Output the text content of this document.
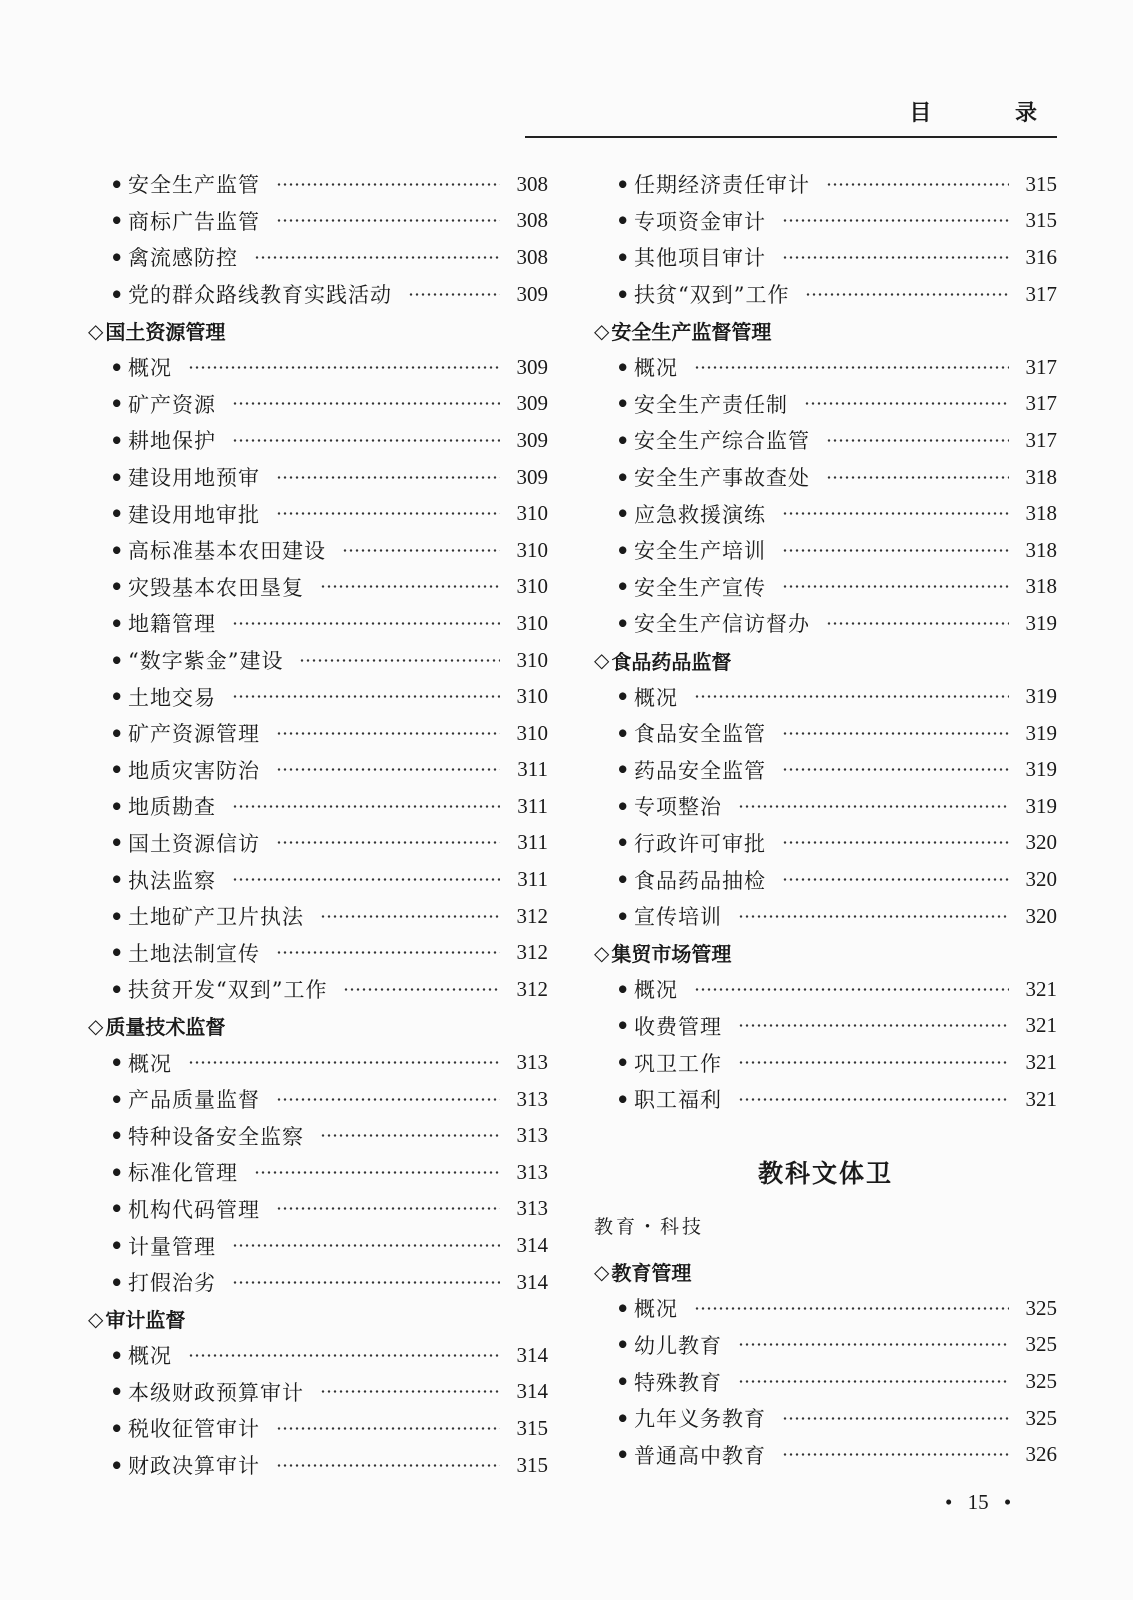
目 录
• 安全生产监管	308
• 商标广告监管	308
• 禽流感防控	308
• 党的群众路线教育实践活动	309
◇ 国土资源管理
• 概况	309
• 矿产资源	309
• 耕地保护	309
• 建设用地预审	309
• 建设用地审批	310
• 高标准基本农田建设	310
• 灾毁基本农田垦复	310
• 地籍管理	310
• “数字紫金”建设	310
• 土地交易	310
• 矿产资源管理	310
• 地质灾害防治	311
• 地质勘查	311
• 国土资源信访	311
• 执法监察	311
• 土地矿产卫片执法	312
• 土地法制宣传	312
• 扶贫开发“双到”工作	312
◇ 质量技术监督
• 概况	313
• 产品质量监督	313
• 特种设备安全监察	313
• 标准化管理	313
• 机构代码管理	313
• 计量管理	314
• 打假治劣	314
◇ 审计监督
• 概况	314
• 本级财政预算审计	314
• 税收征管审计	315
• 财政决算审计	315
• 任期经济责任审计	315
• 专项资金审计	315
• 其他项目审计	316
• 扶贫“双到”工作	317
◇ 安全生产监督管理
• 概况	317
• 安全生产责任制	317
• 安全生产综合监管	317
• 安全生产事故查处	318
• 应急救援演练	318
• 安全生产培训	318
• 安全生产宣传	318
• 安全生产信访督办	319
◇ 食品药品监督
• 概况	319
• 食品安全监管	319
• 药品安全监管	319
• 专项整治	319
• 行政许可审批	320
• 食品药品抽检	320
• 宣传培训	320
◇ 集贸市场管理
• 概况	321
• 收费管理	321
• 巩卫工作	321
• 职工福利	321
教科文体卫
教育・科技
◇ 教育管理
• 概况	325
• 幼儿教育	325
• 特殊教育	325
• 九年义务教育	325
• 普通高中教育	326
• 15 •
